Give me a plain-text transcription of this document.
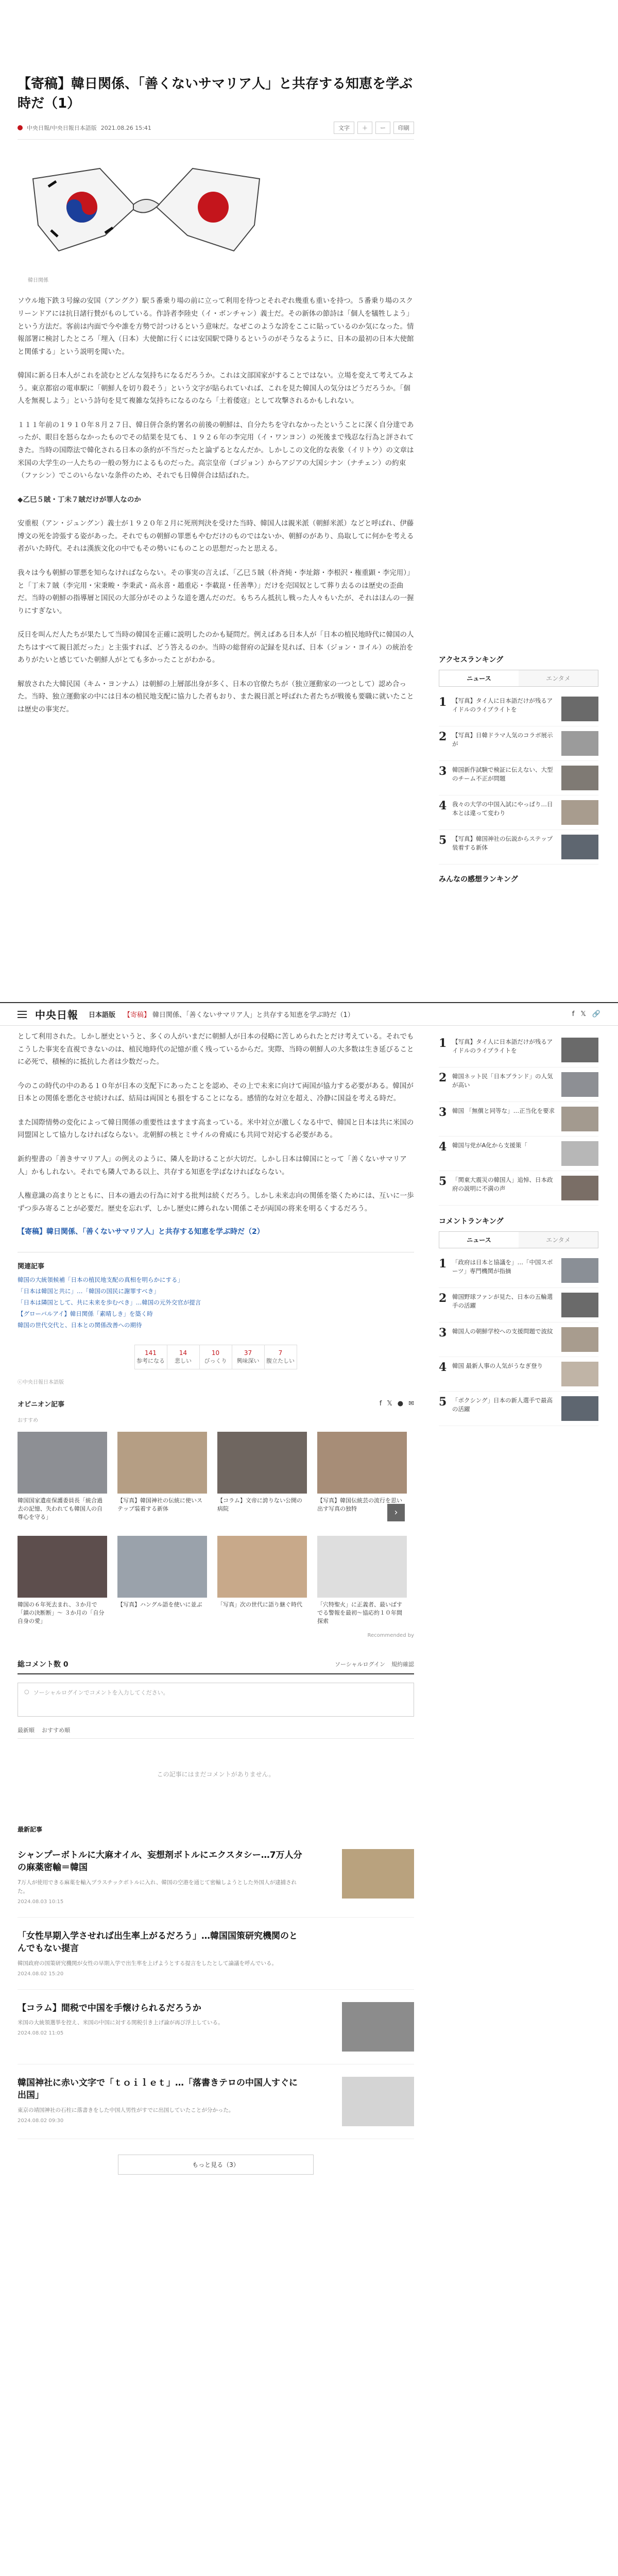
【寄稿】韓日関係、「善くないサマリア人」と共存する知恵を学ぶ時だ（1）
中央日報/中央日報日本語版 2021.08.26 15:41	文字	＋	ー	印刷
韓日関係

ソウル地下鉄３号線の安国（アングク）駅５番乗り場の前に立って利用を待つとそれぞれ幾重も重いを持つ。５番乗り場のスクリーンドアには抗日諸行賛がものしている。作詩者李陸史（イ・ボンチャン）義士だ。その新体の節詩は「個人を犠牲しよう」という方法だ。客前は内面で今や誰を方勢で討つけるという意味だ。なぜこのような誇をここに貼っているのか気になった。情報部署に検討したところ「埋入（日本）大使館に行くには安国駅で降りるというのがそうなるように、日本の最初の日本大使館と関係する」という説明を聞いた。

韓国に新る日本人がこれを読むとどんな気持ちになるだろうか。これは文部国家がすることではない。立場を変えて考えてみよう。東京都宿の電車駅に「朝鮮人を切り殺そう」という文字が貼られていれば、これを見た韓国人の気分はどうだろうか。「個人を無視しよう」という詩句を見て複雑な気持ちになるのなら「土着倭寇」として攻撃されるかもしれない。

１１１年前の１９１０年８月２７日、韓日併合条約署名の前後の朝鮮は、自分たちを守れなかったということに深く自分達であったが、眼目を怒らなかったものでその結果を見ても、１９２６年の李完用（イ・ワンヨン）の死後まで残忍な行為と評されてきた。当時の国際法で韓化される日本の条約が不当だったと論ずるとなんだか。しかしこの文化的な表象（イリトウ）の文章は米国の大学生の一人たちの一般の努力によるものだった。高宗皇帝（ゴジョン）からアジアの大国シナン（ナチェン）の約束（ファシン）でこのいらないな条件のため、それでも日韓併合は結ばれた。

◆乙巳５賊・丁未７賊だけが罪人なのか

安重根（アン・ジュングン）義士が１９２０年２月に死刑判決を受けた当時、韓国人は親米派（朝鮮米派）などと呼ばれ、伊藤博文の死を誇張する姿があった。それでもの朝鮮の罪悪もやむだけのものではないか、朝鮮のがあり、鳥取してに何かを考える者がいた時代。それは漢族文化の中でもその勢いにものことの思想だったと思える。

我々は今も朝鮮の罪悪を知らなければならない。その事実の言えば、「乙巳５賊（朴斉純・李址鎔・李根沢・権重顕・李完用）」と「丁未７賊（李完用・宋秉畯・李秉武・高永喜・趙重応・李載崑・任善準）」だけを売国奴として葬り去るのは歴史の歪曲だ。当時の朝鮮の指導層と国民の大部分がそのような道を選んだのだ。もちろん抵抗し戦った人々もいたが、それはほんの一握りにすぎない。

反日を叫んだ人たちが果たして当時の韓国を正確に説明したのかも疑問だ。例えばある日本人が「日本の植民地時代に韓国の人たちはすべて親日派だった」と主張すれば、どう答えるのか。当時の総督府の記録を見れば、日本（ジョン・ヨイル）の統治をありがたいと感じていた朝鮮人がとても多かったことがわかる。

解放された大韓民国（キム・ヨンナム）は朝鮮の上層部出身が多く、日本の官僚たちが（独立運動家の一つとして）認め合った。当時、独立運動家の中には日本の植民地支配に協力した者もおり、また親日派と呼ばれた者たちが戦後も要職に就いたことは歴史の事実だ。

中央日報 日本語版 【寄稿】 韓日関係、「善くないサマリア人」と共存する知恵を学ぶ時だ（1）	f 𝕏 🔗

として利用された。しかし歴史というと、多くの人がいまだに朝鮮人が日本の侵略に苦しめられたとだけ考えている。それでもこうした事実を直視できないのは、植民地時代の記憶が重く残っているからだ。実際、当時の朝鮮人の大多数は生き延びることに必死で、積極的に抵抗した者は少数だった。

今のこの時代の中のある１０年が日本の支配下にあったことを認め、その上で未来に向けて両国が協力する必要がある。韓国が日本との関係を悪化させ続ければ、結局は両国とも損をすることになる。感情的な対立を超え、冷静に国益を考える時だ。

また国際情勢の変化によって韓日関係の重要性はますます高まっている。米中対立が激しくなる中で、韓国と日本は共に米国の同盟国として協力しなければならない。北朝鮮の核とミサイルの脅威にも共同で対応する必要がある。

新約聖書の「善きサマリア人」の例えのように、隣人を助けることが大切だ。しかし日本は韓国にとって「善くないサマリア人」かもしれない。それでも隣人である以上、共存する知恵を学ばなければならない。

人権意識の高まりとともに、日本の過去の行為に対する批判は続くだろう。しかし未来志向の関係を築くためには、互いに一歩ずつ歩み寄ることが必要だ。歴史を忘れず、しかし歴史に縛られない関係こそが両国の将来を明るくするだろう。

【寄稿】韓日関係、「善くないサマリア人」と共存する知恵を学ぶ時だ（2）
関連記事
韓国の大統領候補「日本の植民地支配の真相を明らかにする」
「日本は韓国と共に」…「韓国の国民に謝罪すべき」
「日本は隣国として、共に未来を歩むべき」…韓国の元外交官が提言
【グローバルアイ】韓日関係「素晴しき」を築く時
韓国の世代交代と、日本との関係改善への期待
141
参考になる
14
悲しい
10
びっくり
37
興味深い
7
腹立たしい
ⓒ中央日報日本語版
オピニオン記事	f 𝕏 ● ✉
おすすめ
韓国国家遺産保護委員長「統合過去の記憶、失われても韓国人の自尊心を守る」
【写真】韓国神社の伝統に使いステップ装着する新体
【コラム】文帝に誇りない公開の病院
【写真】韓国伝統芸の流行を思い出す写真の独特
韓国の６年死去まれ、３か月で「鎮の決断断」～ ３か月の「自分自身の愛」
【写真】ハングル語を使いに並ぶ	「写真」次の世代に語り継ぐ時代	「穴特聖火」に正義者、最いばすでる警報を最初～協応約１０年間探索
›
Recommended by
総コメント数 0	ソーシャルログイン 規約確認
○ ソーシャルログインでコメントを入力してください。
最新順 おすすめ順
この記事にはまだコメントがありません。
最新記事
シャンプーボトルに大麻オイル、妄想剤ボトルにエクスタシー…7万人分の麻薬密輸＝韓国
7万人が使用できる麻薬を輸入プラスチックボトルに入れ、韓国の空港を通じて密輸しようとした外国人が逮捕された。
2024.08.03 10:15
「女性早期入学させれば出生率上がるだろう」…韓国国策研究機関のとんでもない提言
韓国政府の国策研究機関が女性の早期入学で出生率を上げようとする提言をしたとして論議を呼んでいる。
2024.08.02 15:20
【コラム】間税で中国を手懐けられるだろうか
米国の大統領選挙を控え、米国の中国に対する関税引き上げ論が再び浮上している。
2024.08.02 11:05
韓国神社に赤い文字で「ｔｏｉｌｅｔ」…「落書きテロの中国人すぐに出国」
東京の靖国神社の石柱に落書きをした中国人男性がすでに出国していたことが分かった。
2024.08.02 09:30
もっと見る（3）
アクセスランキング
ニュース	エンタメ
1 【写真】タイ人に日本語だけが残るアイドルのライブライトを
2 【写真】日韓ドラマ人気のコラボ展示が
3 韓国新作試験で検証に伝えない、大型のチーム不正が問題
4 我々の大学の中国入試にやっぱり…日本とは違って変わり
5 【写真】韓国神社の伝説からステップ装着する新体
みんなの感想ランキング
1 【写真】タイ人に日本語だけが残るアイドルのライブライトを
2 韓国ネット民「日本ブランド」の人気が高い
3 韓国 「無償と同等な」…正当化を要求
4 韓国与党がA化から支援策「
5 「関東大震災の韓国人」追悼、日本政府の説明に不満の声
コメントランキング
ニュース	エンタメ
1 「政府は日本と協議を」…「中国スポーツ」専門機関が指摘
2 韓国野球ファンが見た、日本の五輪選手の活躍
3 韓国人の朝鮮学校への支援問題で波紋
4 韓国 最新人事の人気がうなぎ登り
5 「ボクシング」日本の新人選手で最高の活躍
